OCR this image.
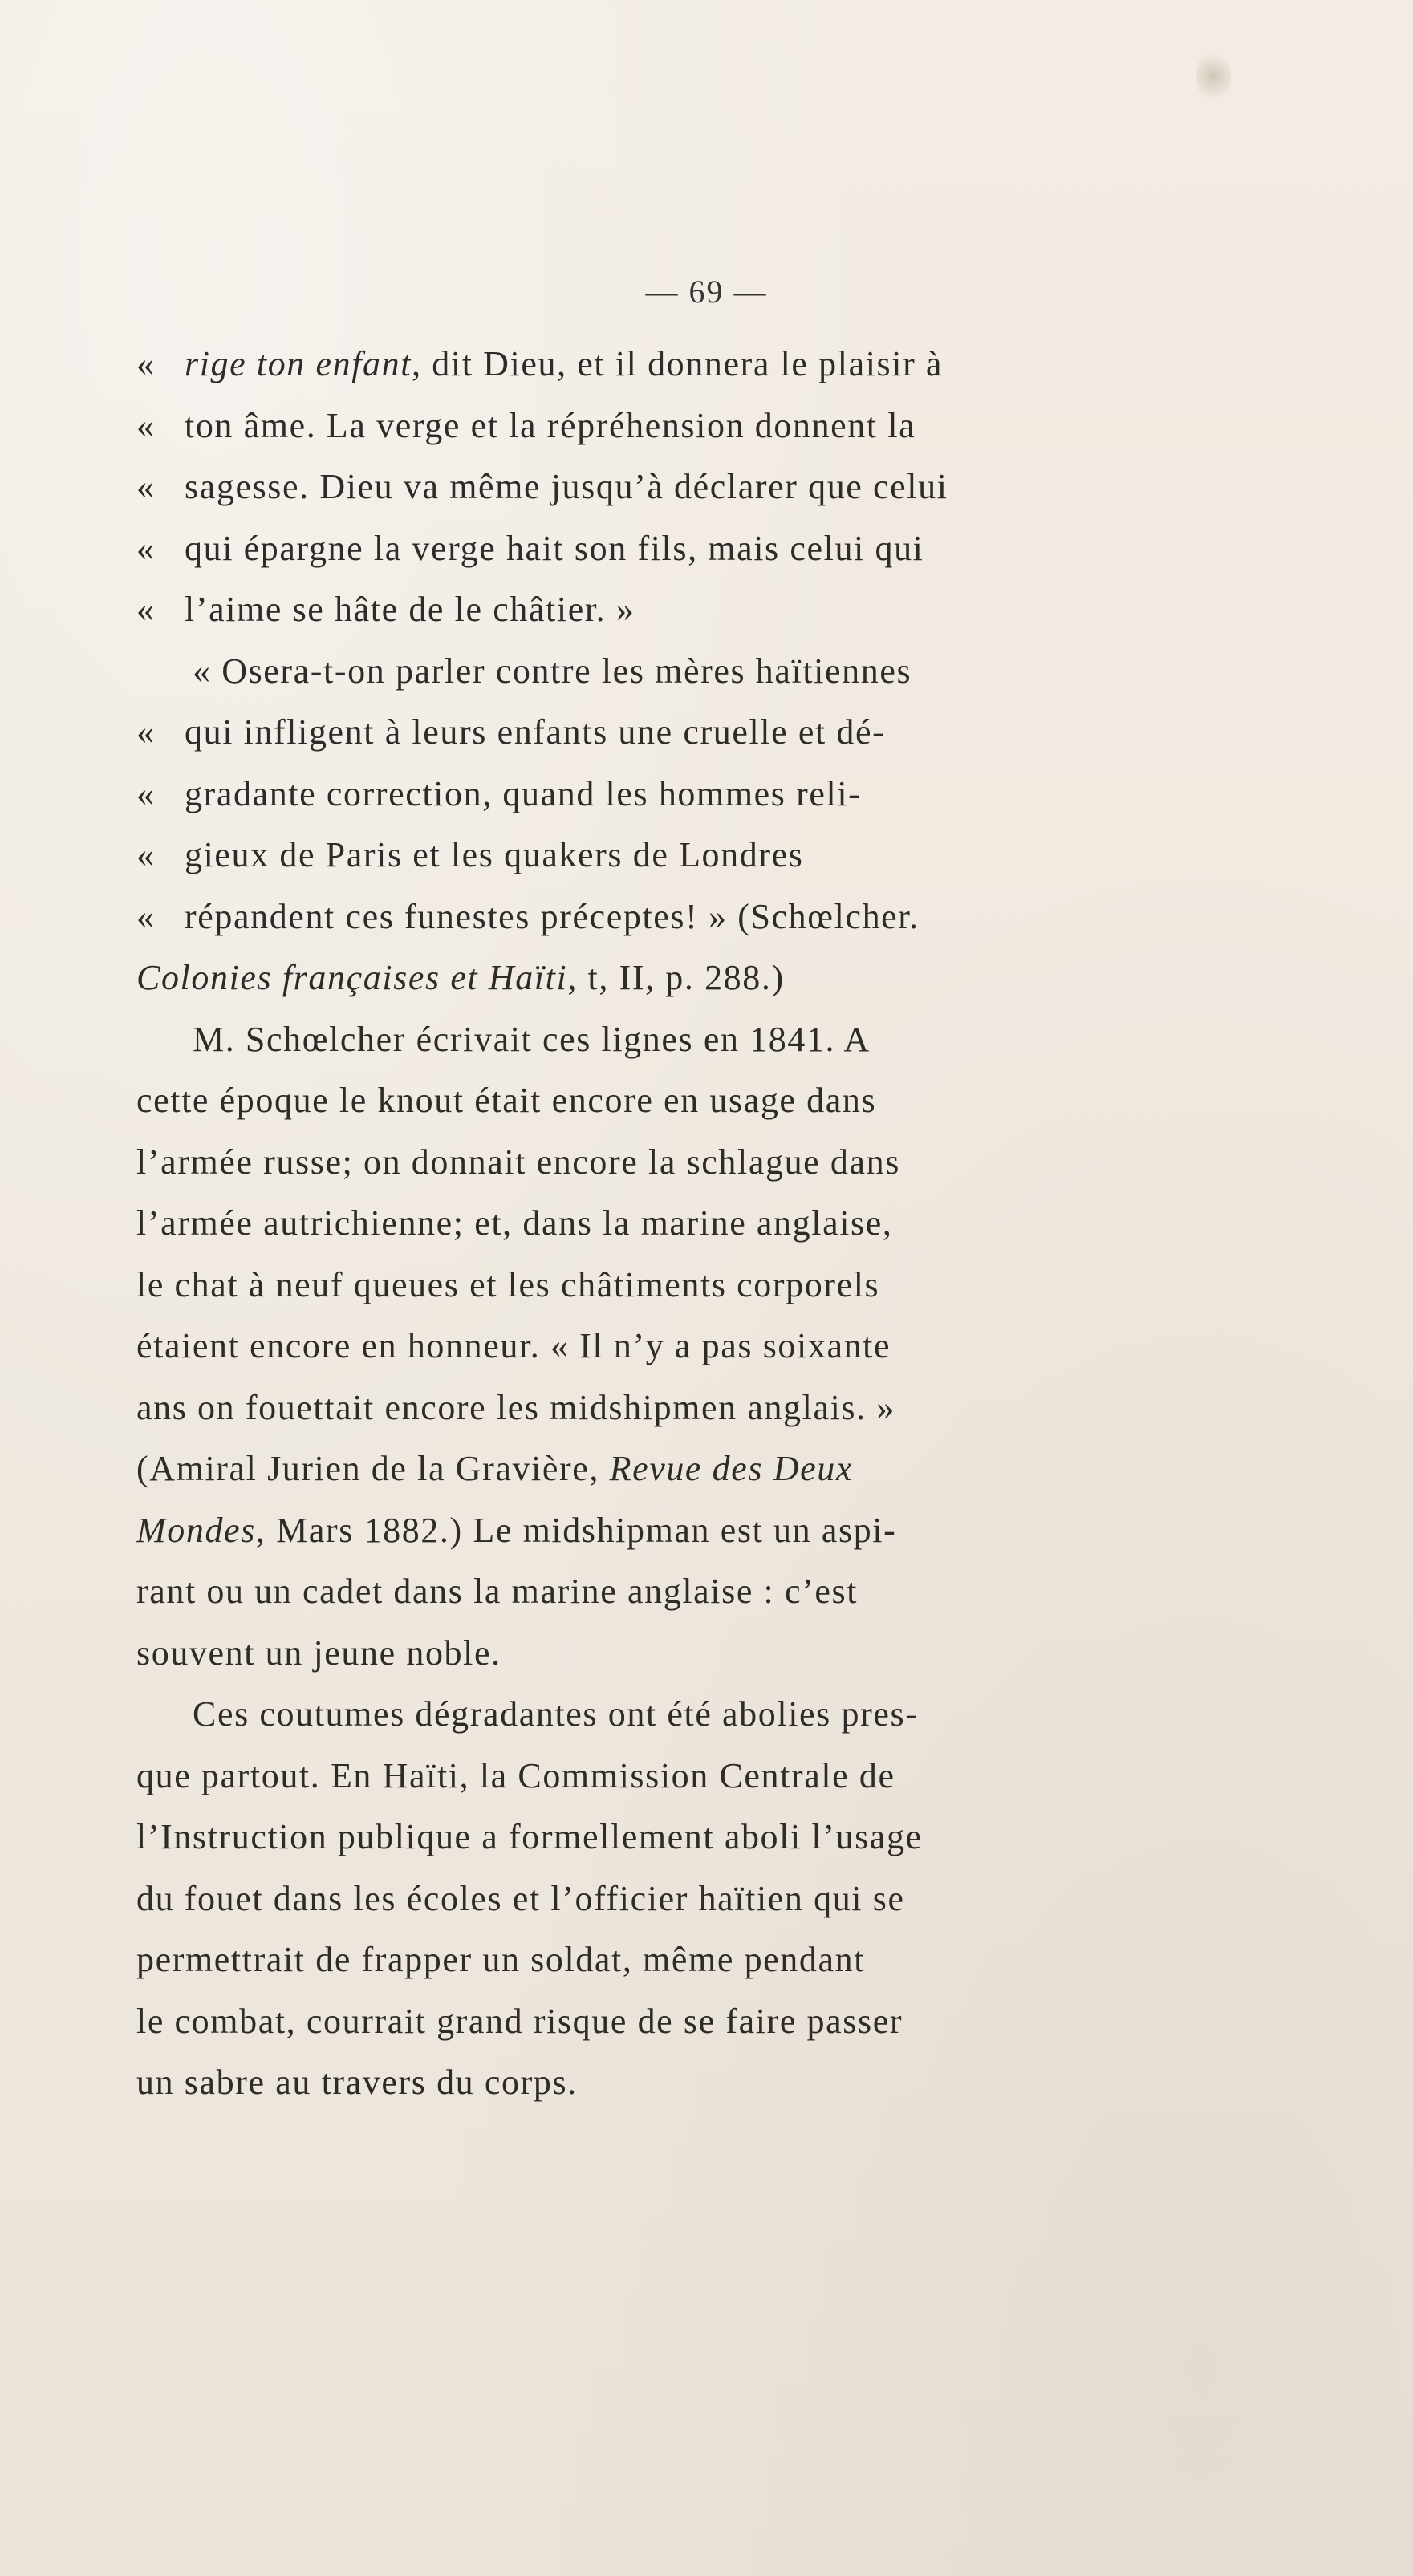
— 69 —
« rige ton enfant, dit Dieu, et il donnera le plaisir à
« ton âme. La verge et la répréhension donnent la
« sagesse. Dieu va même jusqu’à déclarer que celui
« qui épargne la verge hait son fils, mais celui qui
« l’aime se hâte de le châtier. »
« Osera-t-on parler contre les mères haïtiennes
« qui infligent à leurs enfants une cruelle et dé-
« gradante correction, quand les hommes reli-
« gieux de Paris et les quakers de Londres
« répandent ces funestes préceptes! » (Schœlcher.
Colonies françaises et Haïti, t, II, p. 288.)
M. Schœlcher écrivait ces lignes en 1841. A
cette époque le knout était encore en usage dans
l’armée russe; on donnait encore la schlague dans
l’armée autrichienne; et, dans la marine anglaise,
le chat à neuf queues et les châtiments corporels
étaient encore en honneur. « Il n’y a pas soixante
ans on fouettait encore les midshipmen anglais. »
(Amiral Jurien de la Gravière, Revue des Deux
Mondes, Mars 1882.) Le midshipman est un aspi-
rant ou un cadet dans la marine anglaise : c’est
souvent un jeune noble.
Ces coutumes dégradantes ont été abolies pres-
que partout. En Haïti, la Commission Centrale de
l’Instruction publique a formellement aboli l’usage
du fouet dans les écoles et l’officier haïtien qui se
permettrait de frapper un soldat, même pendant
le combat, courrait grand risque de se faire passer
un sabre au travers du corps.
